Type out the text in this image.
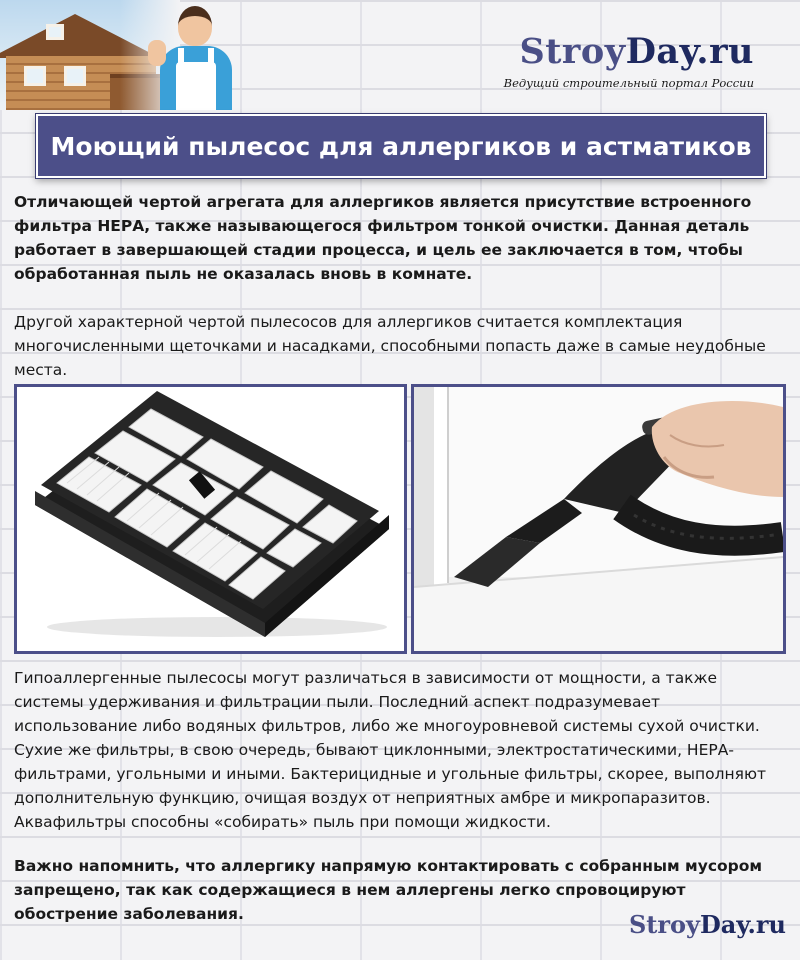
StroyDay.ru
Ведущий строительный портал России
Моющий пылесос для аллергиков и астматиков
Отличающей чертой агрегата для аллергиков является присутствие встроенного фильтра НЕРА, также называющегося фильтром тонкой очистки. Данная деталь работает в завершающей стадии процесса, и цель ее заключается в том, чтобы обработанная пыль не оказалась вновь в комнате.
Другой характерной чертой пылесосов для аллергиков считается комплектация многочисленными щеточками и насадками, способными попасть даже в самые неудобные места.
Гипоаллергенные пылесосы могут различаться в зависимости от мощности, а также системы удерживания и фильтрации пыли. Последний аспект подразумевает использование либо водяных фильтров, либо же многоуровневой системы сухой очистки. Сухие же фильтры, в свою очередь, бывают циклонными, электростатическими, НЕРА-фильтрами, угольными и иными. Бактерицидные и угольные фильтры, скорее, выполняют дополнительную функцию, очищая воздух от неприятных амбре и микропаразитов. Аквафильтры способны «собирать» пыль при помощи жидкости.
Важно напомнить, что аллергику напрямую контактировать с собранным мусором запрещено, так как содержащиеся в нем аллергены легко спровоцируют обострение заболевания.	StroyDay.ru
